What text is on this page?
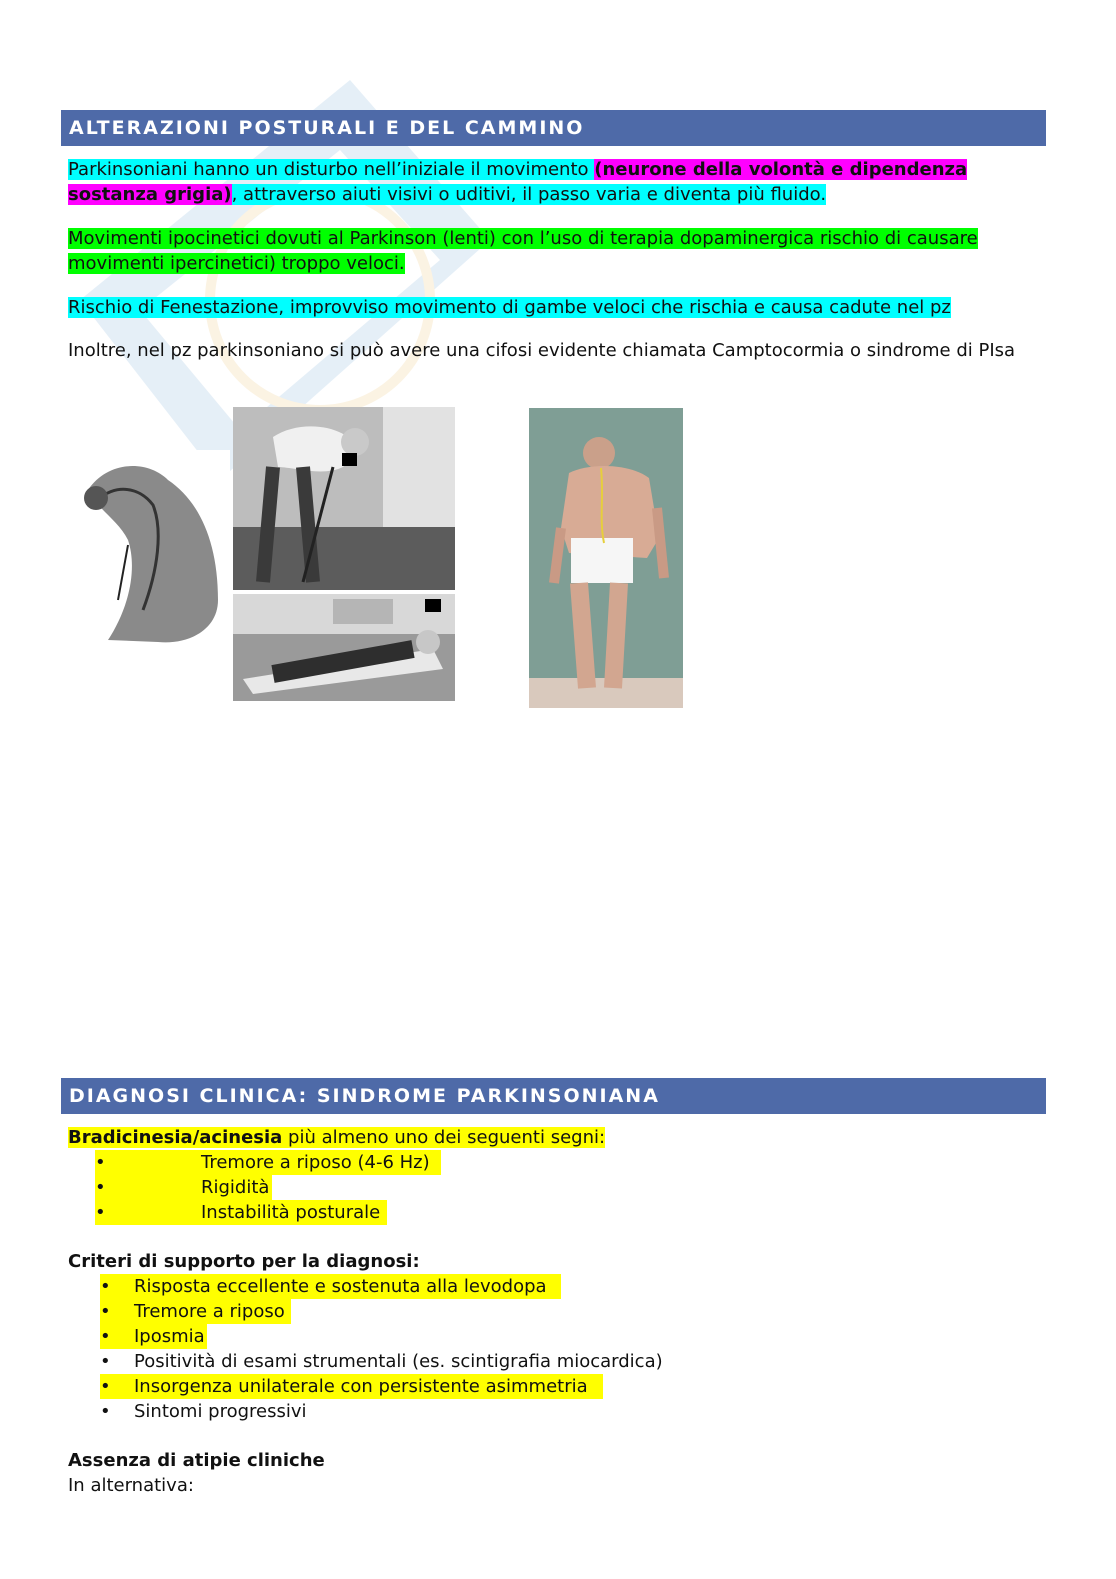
ALTERAZIONI POSTURALI E DEL CAMMINO

Parkinsoniani hanno un disturbo nell’iniziale il movimento (neurone della volontà e dipendenza sostanza grigia), attraverso aiuti visivi o uditivi, il passo varia e diventa più fluido.

Movimenti ipocinetici dovuti al Parkinson (lenti) con l’uso di terapia dopaminergica rischio di causare movimenti ipercinetici) troppo veloci.

Rischio di Fenestazione, improvviso movimento di gambe veloci che rischia e causa cadute nel pz

Inoltre, nel pz parkinsoniano si può avere una cifosi evidente chiamata Camptocormia o sindrome di PIsa

DIAGNOSI CLINICA: SINDROME PARKINSONIANA

Bradicinesia/acinesia più almeno uno dei seguenti segni:

•	Tremore a riposo (4-6 Hz)
•	Rigidità
•	Instabilità posturale

Criteri di supporto per la diagnosi:

• Risposta eccellente e sostenuta alla levodopa
• Tremore a riposo
• Iposmia
• Positività di esami strumentali (es. scintigrafia miocardica)
• Insorgenza unilaterale con persistente asimmetria
• Sintomi progressivi

Assenza di atipie cliniche

In alternativa:
